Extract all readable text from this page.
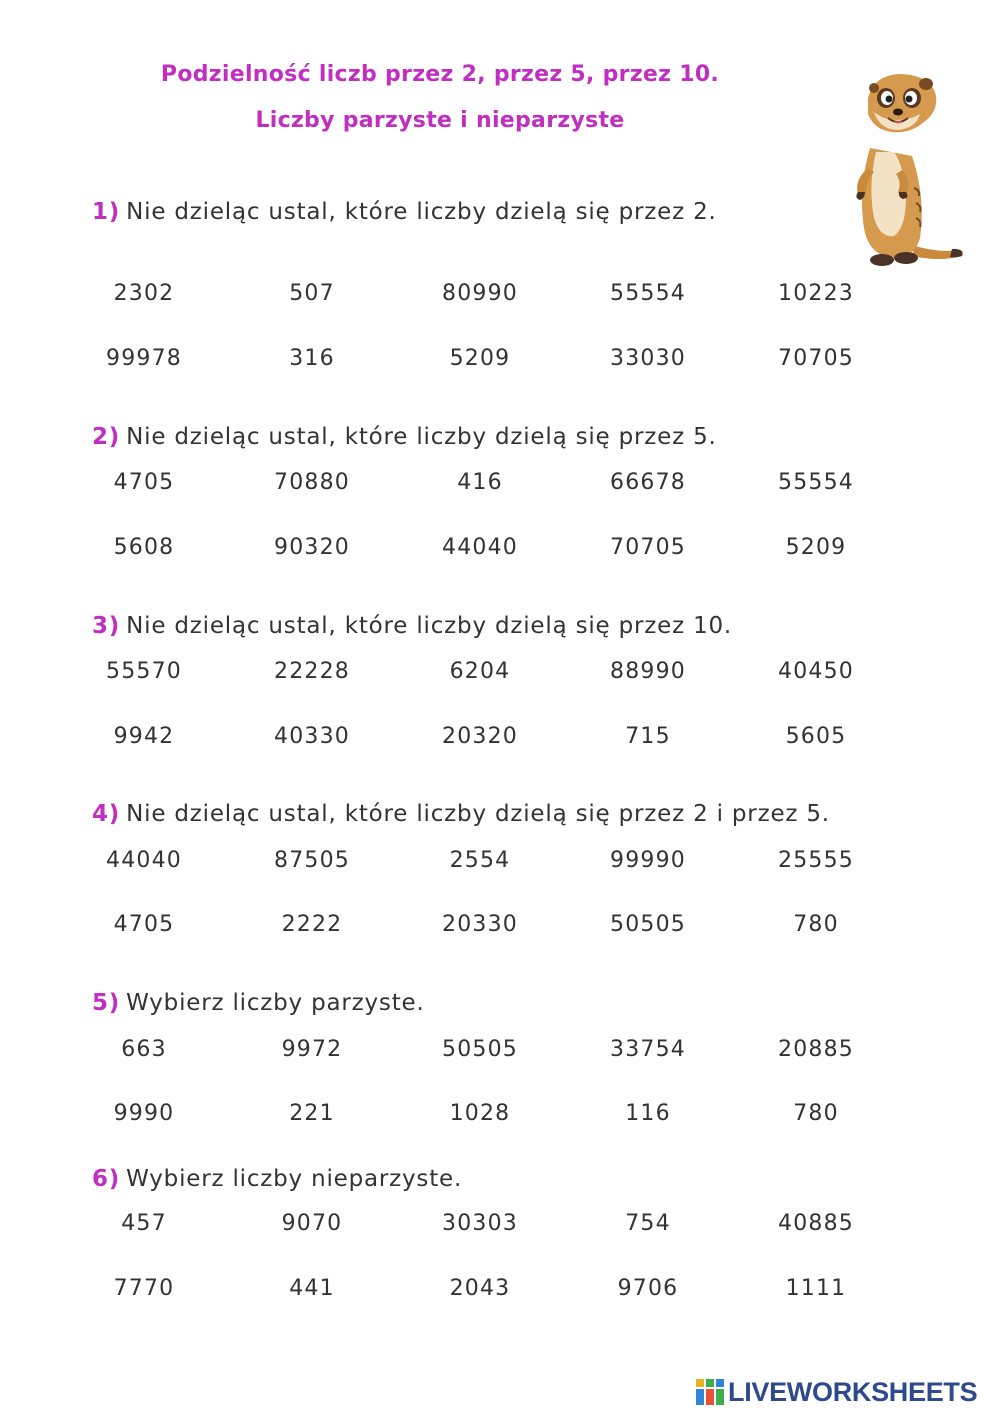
Podzielność liczb przez 2, przez 5, przez 10.
Liczby parzyste i nieparzyste
1) Nie dzieląc ustal, które liczby dzielą się przez 2.
2302	507	80990	55554	10223
99978	316	5209	33030	70705
2) Nie dzieląc ustal, które liczby dzielą się przez 5.
4705	70880	416	66678	55554
5608	90320	44040	70705	5209
3) Nie dzieląc ustal, które liczby dzielą się przez 10.
55570	22228	6204	88990	40450
9942	40330	20320	715	5605
4) Nie dzieląc ustal, które liczby dzielą się przez 2 i przez 5.
44040	87505	2554	99990	25555
4705	2222	20330	50505	780
5) Wybierz liczby parzyste.
663	9972	50505	33754	20885
9990	221	1028	116	780
6) Wybierz liczby nieparzyste.
457	9070	30303	754	40885
7770	441	2043	9706	1111
LIVEWORKSHEETS
